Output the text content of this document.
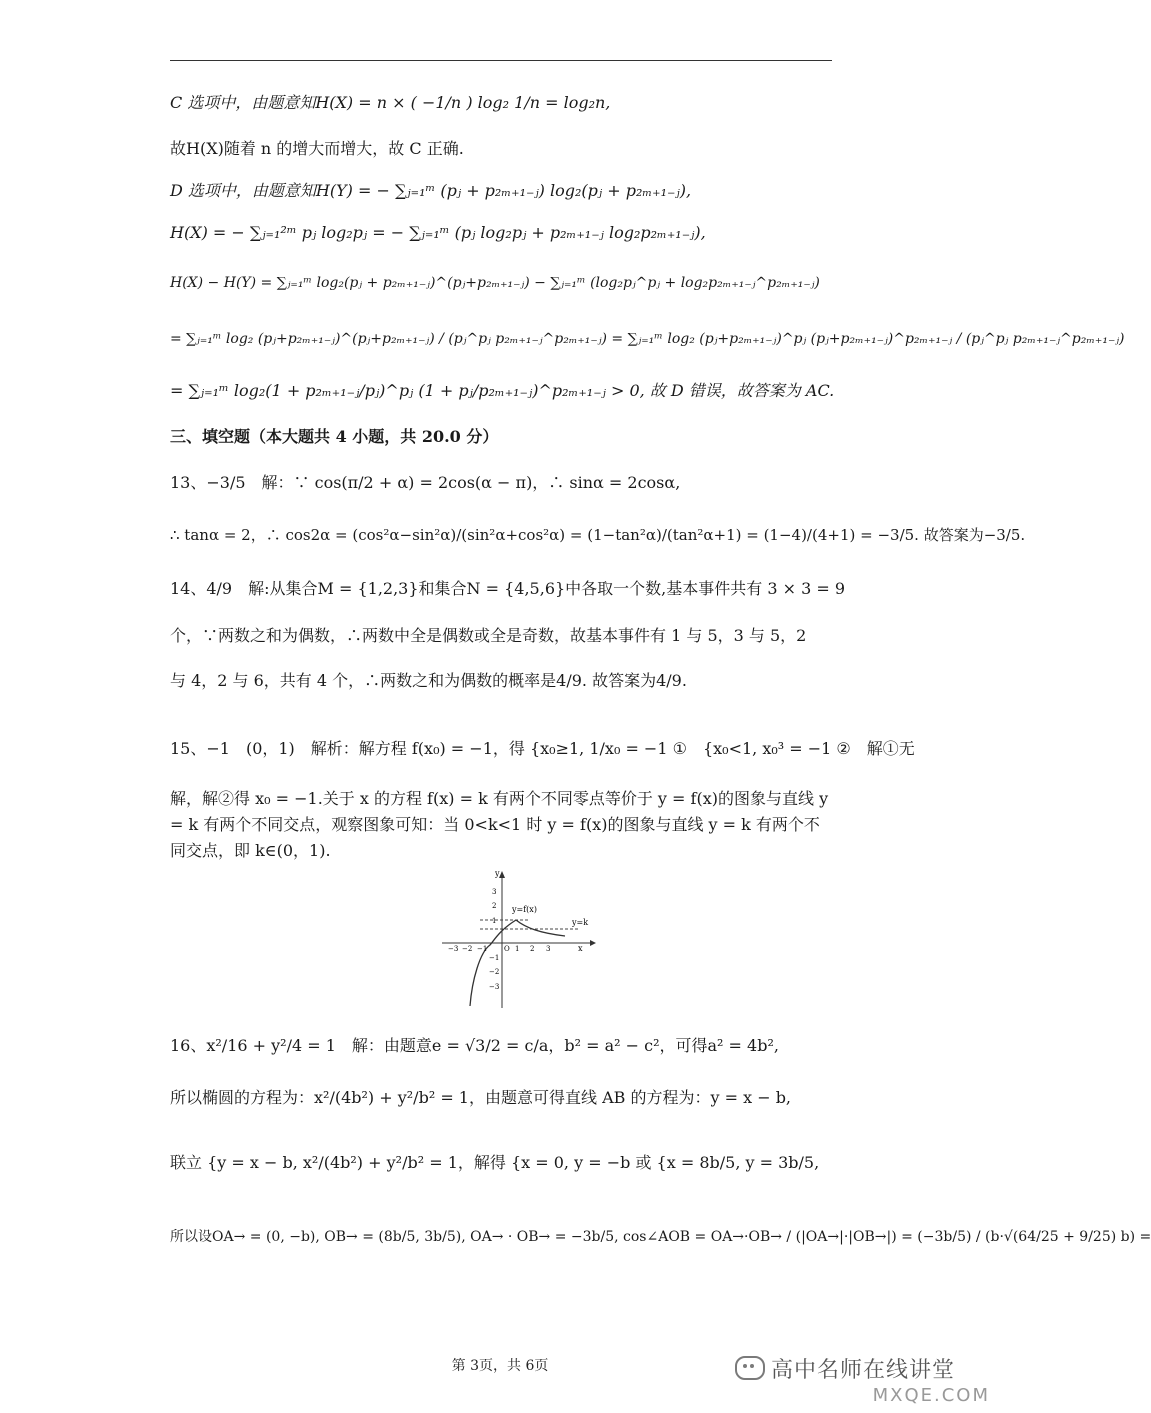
C 选项中，由题意知H(X) = n × ( −1/n ) log₂ 1/n = log₂n,
故H(X)随着 n 的增大而增大，故 C 正确.
D 选项中，由题意知H(Y) = − ∑ⱼ₌₁ᵐ (pⱼ + p₂ₘ₊₁₋ⱼ) log₂(pⱼ + p₂ₘ₊₁₋ⱼ),
H(X) = − ∑ⱼ₌₁²ᵐ pⱼ log₂pⱼ = − ∑ⱼ₌₁ᵐ (pⱼ log₂pⱼ + p₂ₘ₊₁₋ⱼ log₂p₂ₘ₊₁₋ⱼ),
H(X) − H(Y) = ∑ⱼ₌₁ᵐ log₂(pⱼ + p₂ₘ₊₁₋ⱼ)^(pⱼ+p₂ₘ₊₁₋ⱼ) − ∑ⱼ₌₁ᵐ (log₂pⱼ^pⱼ + log₂p₂ₘ₊₁₋ⱼ^p₂ₘ₊₁₋ⱼ)
= ∑ⱼ₌₁ᵐ log₂ (pⱼ+p₂ₘ₊₁₋ⱼ)^(pⱼ+p₂ₘ₊₁₋ⱼ) / (pⱼ^pⱼ p₂ₘ₊₁₋ⱼ^p₂ₘ₊₁₋ⱼ) = ∑ⱼ₌₁ᵐ log₂ (pⱼ+p₂ₘ₊₁₋ⱼ)^pⱼ (pⱼ+p₂ₘ₊₁₋ⱼ)^p₂ₘ₊₁₋ⱼ / (pⱼ^pⱼ p₂ₘ₊₁₋ⱼ^p₂ₘ₊₁₋ⱼ)
= ∑ⱼ₌₁ᵐ log₂(1 + p₂ₘ₊₁₋ⱼ/pⱼ)^pⱼ (1 + pⱼ/p₂ₘ₊₁₋ⱼ)^p₂ₘ₊₁₋ⱼ > 0, 故 D 错误，故答案为 AC.
三、填空题（本大题共 4 小题，共 20.0 分）
13、−3/5　解：∵ cos(π/2 + α) = 2cos(α − π)，∴ sinα = 2cosα,
∴ tanα = 2，∴ cos2α = (cos²α−sin²α)/(sin²α+cos²α) = (1−tan²α)/(tan²α+1) = (1−4)/(4+1) = −3/5. 故答案为−3/5.
14、4/9　解:从集合M = {1,2,3}和集合N = {4,5,6}中各取一个数,基本事件共有 3 × 3 = 9
个，∵两数之和为偶数，∴两数中全是偶数或全是奇数，故基本事件有 1 与 5，3 与 5，2
与 4，2 与 6，共有 4 个，∴两数之和为偶数的概率是4/9. 故答案为4/9.
15、−1　(0，1)　解析：解方程 f(x₀) = −1，得 {x₀≥1, 1/x₀ = −1 ①　{x₀<1, x₀³ = −1 ②　解①无
解，解②得 x₀ = −1.关于 x 的方程 f(x) = k 有两个不同零点等价于 y = f(x)的图象与直线 y
= k 有两个不同交点，观察图象可知：当 0<k<1 时 y = f(x)的图象与直线 y = k 有两个不
同交点，即 k∈(0，1).
y
x
O
y=f(x)
y=k
−3 −2 −1	1 2 3
3
2
1
−1
−2
−3
16、x²/16 + y²/4 = 1　解：由题意e = √3/2 = c/a，b² = a² − c²，可得a² = 4b²,
所以椭圆的方程为：x²/(4b²) + y²/b² = 1，由题意可得直线 AB 的方程为：y = x − b,
联立 {y = x − b, x²/(4b²) + y²/b² = 1，解得 {x = 0, y = −b 或 {x = 8b/5, y = 3b/5,
所以设OA→ = (0, −b), OB→ = (8b/5, 3b/5), OA→ · OB→ = −3b/5, cos∠AOB = OA→·OB→ / (|OA→|·|OB→|) = (−3b/5) / (b·√(64/25 + 9/25) b) =
第 3页，共 6页	高中名师在线讲堂
MXQE.COM
